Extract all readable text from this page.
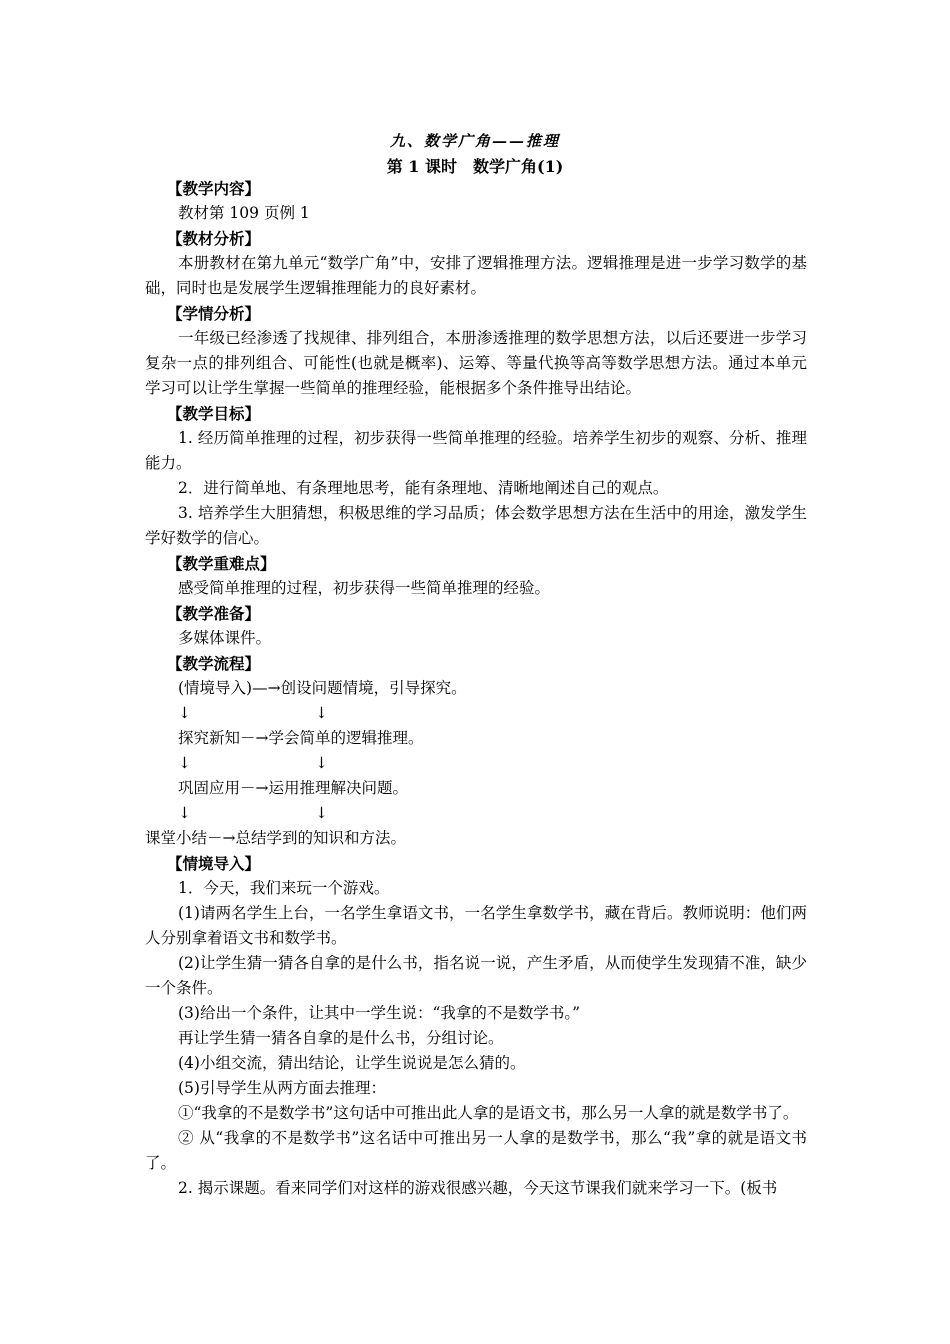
九、数学广角——推理
第 1 课时　数学广角(1)

【教学内容】

教材第 109 页例 1

【教材分析】

本册教材在第九单元“数学广角”中，安排了逻辑推理方法。逻辑推理是进一步学习数学的基础，同时也是发展学生逻辑推理能力的良好素材。

【学情分析】

一年级已经渗透了找规律、排列组合，本册渗透推理的数学思想方法，以后还要进一步学习复杂一点的排列组合、可能性(也就是概率)、运筹、等量代换等高等数学思想方法。通过本单元学习可以让学生掌握一些简单的推理经验，能根据多个条件推导出结论。

【教学目标】

1. 经历简单推理的过程，初步获得一些简单推理的经验。培养学生初步的观察、分析、推理能力。

2．进行简单地、有条理地思考，能有条理地、清晰地阐述自己的观点。

3. 培养学生大胆猜想，积极思维的学习品质；体会数学思想方法在生活中的用途，激发学生学好数学的信心。

【教学重难点】

感受简单推理的过程，初步获得一些简单推理的经验。

【教学准备】

多媒体课件。

【教学流程】

(情境导入)—→创设问题情境，引导探究。

↓	↓

探究新知－→学会简单的逻辑推理。

↓	↓

巩固应用－→运用推理解决问题。

↓	↓

课堂小结－→总结学到的知识和方法。

【情境导入】

1．今天，我们来玩一个游戏。

(1)请两名学生上台，一名学生拿语文书，一名学生拿数学书，藏在背后。教师说明：他们两人分别拿着语文书和数学书。

(2)让学生猜一猜各自拿的是什么书，指名说一说，产生矛盾，从而使学生发现猜不准，缺少一个条件。

(3)给出一个条件，让其中一学生说：“我拿的不是数学书。”

再让学生猜一猜各自拿的是什么书，分组讨论。

(4)小组交流，猜出结论，让学生说说是怎么猜的。

(5)引导学生从两方面去推理：

①“我拿的不是数学书”这句话中可推出此人拿的是语文书，那么另一人拿的就是数学书了。

② 从“我拿的不是数学书”这名话中可推出另一人拿的是数学书，那么“我”拿的就是语文书了。

2. 揭示课题。看来同学们对这样的游戏很感兴趣，今天这节课我们就来学习一下。(板书
